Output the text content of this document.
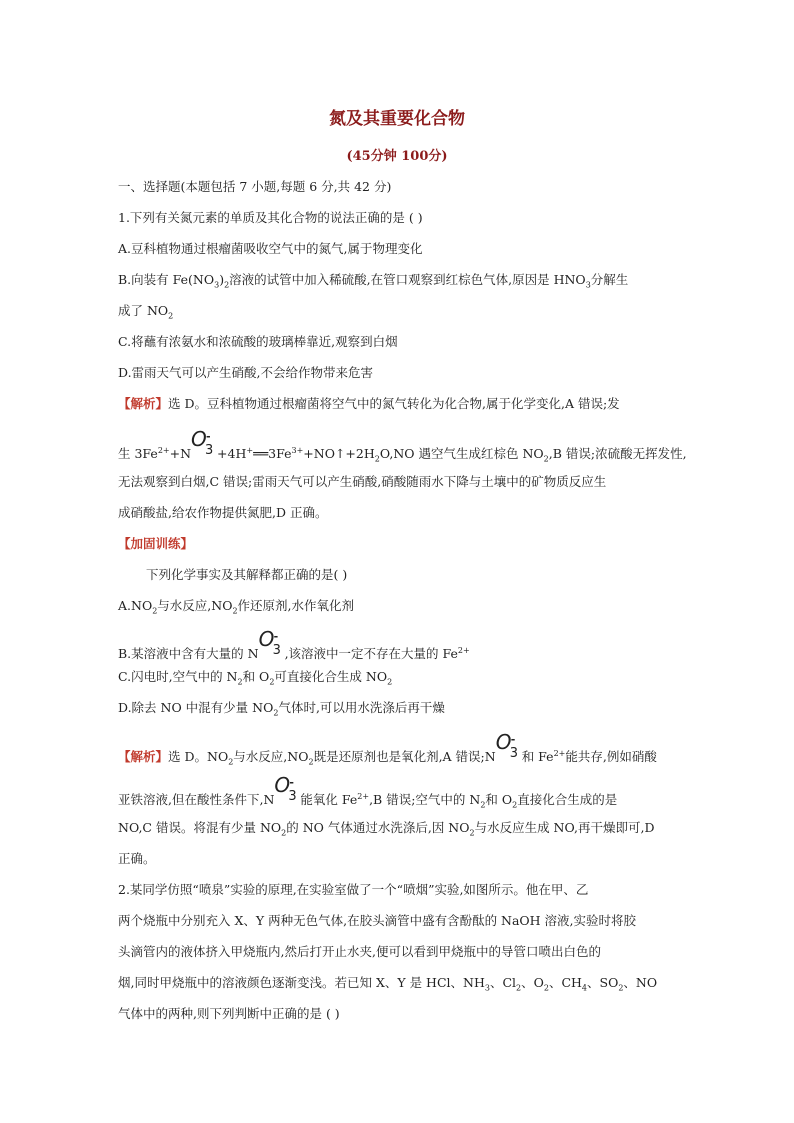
氮及其重要化合物
(45分钟 100分)
一、选择题(本题包括 7 小题,每题 6 分,共 42 分)
1.下列有关氮元素的单质及其化合物的说法正确的是 ( )
A.豆科植物通过根瘤菌吸收空气中的氮气,属于物理变化
B.向装有 $Fe(NO_3)_2$溶液的试管中加入稀硫酸,在管口观察到红棕色气体,原因是 $HNO_3$分解生
成了 $NO_2$
C.将蘸有浓氨水和浓硫酸的玻璃棒靠近,观察到白烟
D.雷雨天气可以产生硝酸,不会给作物带来危害
【解析】选 D。豆科植物通过根瘤菌将空气中的氮气转化为化合物,属于化学变化,A 错误;发
生 $3Fe^{2+}+N$
O
3
-
$+4H^+══3Fe^{3+}+NO↑+2H_2O,NO$ 遇空气生成红棕色 $NO_2,B$ 错误;浓硫酸无挥发性,
无法观察到白烟,C 错误;雷雨天气可以产生硝酸,硝酸随雨水下降与土壤中的矿物质反应生
成硝酸盐,给农作物提供氮肥,D 正确。
【加固训练】
下列化学事实及其解释都正确的是( )
$A.NO_2$与水反应$,NO_2$作还原剂,水作氧化剂
B.某溶液中含有大量的 N
O
3
-
,该溶液中一定不存在大量的 $Fe^{2+}$
C.闪电时,空气中的 $N_2$和 $O_2$可直接化合生成 $NO_2$
D.除去 NO 中混有少量 $NO_2$气体时,可以用水洗涤后再干燥
【解析】选 D。$NO_2$与水反应$,NO_2$既是还原剂也是氧化剂,A 错误;N
O
3
-
和 $Fe^{2+}$能共存,例如硝酸
亚铁溶液,但在酸性条件下,N
O
3
-
能氧化 $Fe^{2+},B$ 错误;空气中的 $N_2$和 $O_2$直接化合生成的是
NO,C 错误。将混有少量 $NO_2$的 NO 气体通过水洗涤后,因 $NO_2$与水反应生成 NO,再干燥即可,D
正确。
2.某同学仿照“喷泉”实验的原理,在实验室做了一个“喷烟”实验,如图所示。他在甲、乙
两个烧瓶中分别充入 X、Y 两种无色气体,在胶头滴管中盛有含酚酞的 NaOH 溶液,实验时将胶
头滴管内的液体挤入甲烧瓶内,然后打开止水夹,便可以看到甲烧瓶中的导管口喷出白色的
烟,同时甲烧瓶中的溶液颜色逐渐变浅。若已知 X、Y 是 HCl、$NH_3$、$Cl_2$、$O_2$、$CH_4$、$SO_2$、NO
气体中的两种,则下列判断中正确的是 ( )
